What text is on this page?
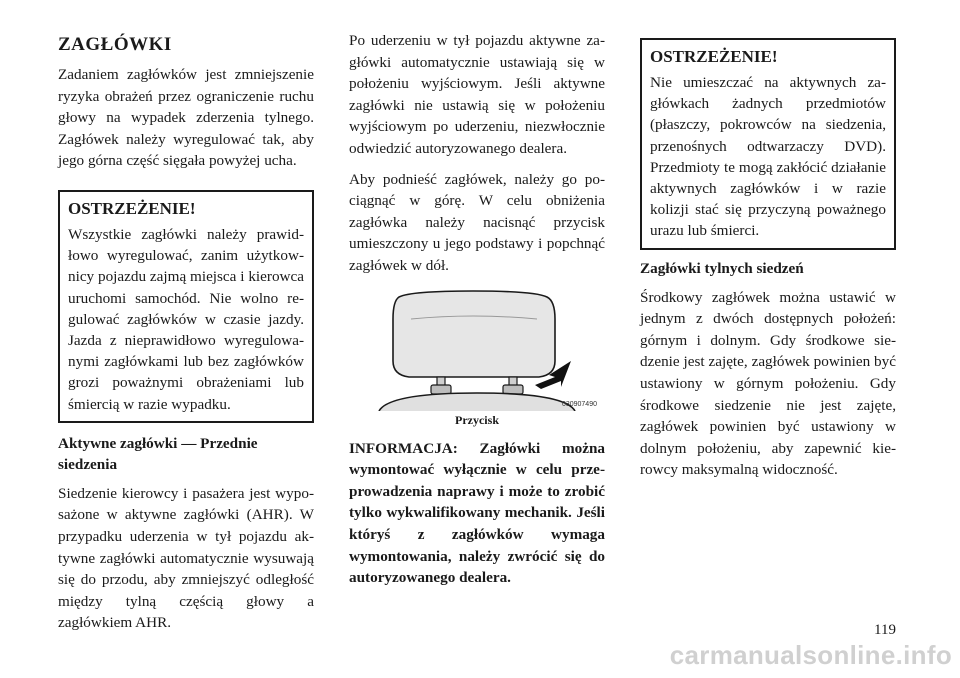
ZAGŁÓWKI

Zadaniem zagłówków jest zmniejszenie ryzyka obrażeń przez ograniczenie ruchu głowy na wypadek zderzenia tylnego. Zagłówek należy wyregulować tak, aby jego górna część sięgała powyżej ucha.

OSTRZEŻENIE!

Wszystkie zagłówki należy prawidłowo wyregulować, zanim użytkownicy pojazdu zajmą miejsca i kierowca uruchomi samochód. Nie wolno regulować zagłówków w czasie jazdy. Jazda z nieprawidłowo wyregulowanymi zagłówkami lub bez zagłówków grozi poważnymi obrażeniami lub śmiercią w razie wypadku.

Aktywne zagłówki — Przednie siedzenia

Siedzenie kierowcy i pasażera jest wyposażone w aktywne zagłówki (AHR). W przypadku uderzenia w tył pojazdu aktywne zagłówki automatycznie wysuwają się do przodu, aby zmniejszyć odległość między tylną częścią głowy a zagłówkiem AHR.

Po uderzeniu w tył pojazdu aktywne zagłówki automatycznie ustawiają się w położeniu wyjściowym. Jeśli aktywne zagłówki nie ustawią się w położeniu wyjściowym po uderzeniu, niezwłocznie odwiedzić autoryzowanego dealera.

Aby podnieść zagłówek, należy go pociągnąć w górę. W celu obniżenia zagłówka należy nacisnąć przycisk umieszczony u jego podstawy i popchnąć zagłówek w dół.

030907490
Przycisk

INFORMACJA: Zagłówki można wymontować wyłącznie w celu przeprowadzenia naprawy i może to zrobić tylko wykwalifikowany mechanik. Jeśli któryś z zagłówków wymaga wymontowania, należy zwrócić się do autoryzowanego dealera.

OSTRZEŻENIE!

Nie umieszczać na aktywnych zagłówkach żadnych przedmiotów (płaszczy, pokrowców na siedzenia, przenośnych odtwarzaczy DVD). Przedmioty te mogą zakłócić działanie aktywnych zagłówków i w razie kolizji stać się przyczyną poważnego urazu lub śmierci.

Zagłówki tylnych siedzeń

Środkowy zagłówek można ustawić w jednym z dwóch dostępnych położeń: górnym i dolnym. Gdy środkowe siedzenie jest zajęte, zagłówek powinien być ustawiony w górnym położeniu. Gdy środkowe siedzenie nie jest zajęte, zagłówek powinien być ustawiony w dolnym położeniu, aby zapewnić kierowcy maksymalną widoczność.

119
carmanualsonline.info
